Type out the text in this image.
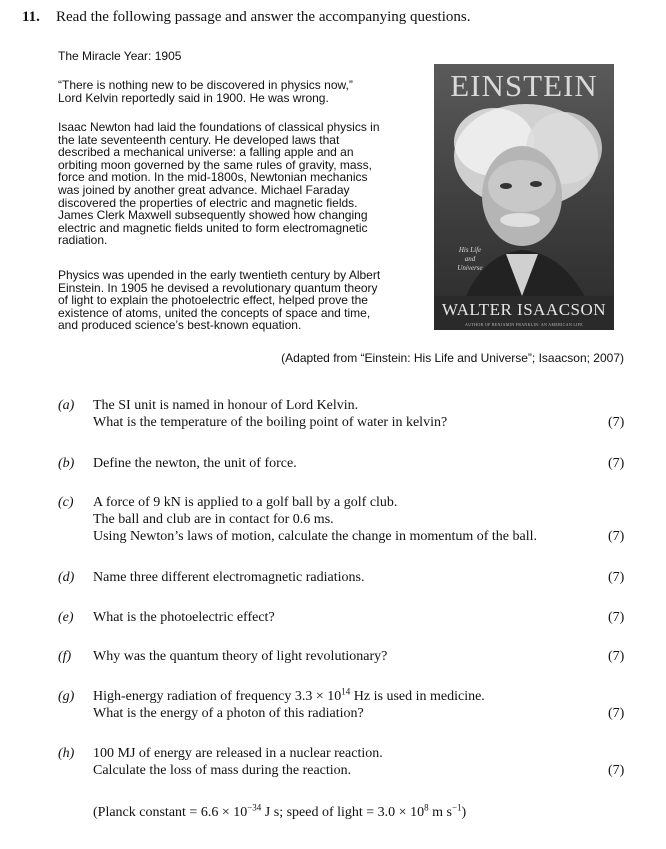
11. Read the following passage and answer the accompanying questions.
The Miracle Year: 1905

“There is nothing new to be discovered in physics now,”
Lord Kelvin reportedly said in 1900. He was wrong.

Isaac Newton had laid the foundations of classical physics in
the late seventeenth century. He developed laws that
described a mechanical universe: a falling apple and an
orbiting moon governed by the same rules of gravity, mass,
force and motion. In the mid-1800s, Newtonian mechanics
was joined by another great advance. Michael Faraday
discovered the properties of electric and magnetic fields.
James Clerk Maxwell subsequently showed how changing
electric and magnetic fields united to form electromagnetic
radiation.

Physics was upended in the early twentieth century by Albert
Einstein. In 1905 he devised a revolutionary quantum theory
of light to explain the photoelectric effect, helped prove the
existence of atoms, united the concepts of space and time,
and produced science’s best-known equation.

EINSTEIN
His Life
and
Universe
WALTER ISAACSON
AUTHOR OF BENJAMIN FRANKLIN: AN AMERICAN LIFE
(Adapted from “Einstein: His Life and Universe”; Isaacson; 2007)
(a) The SI unit is named in honour of Lord Kelvin.
What is the temperature of the boiling point of water in kelvin?	(7)
(b) Define the newton, the unit of force.	(7)
(c) A force of 9 kN is applied to a golf ball by a golf club.
The ball and club are in contact for 0.6 ms.
Using Newton’s laws of motion, calculate the change in momentum of the ball.	(7)
(d) Name three different electromagnetic radiations.	(7)
(e) What is the photoelectric effect?	(7)
(f) Why was the quantum theory of light revolutionary?	(7)
(g) High-energy radiation of frequency $3.3 \times 10^{14}$ Hz is used in medicine.
What is the energy of a photon of this radiation?	(7)
(h) 100 MJ of energy are released in a nuclear reaction.
Calculate the loss of mass during the reaction.	(7)
(Planck constant = $6.6 \times 10^{-34}$ J s; speed of light = $3.0 \times 10^8$ m $s^{-1}$)
